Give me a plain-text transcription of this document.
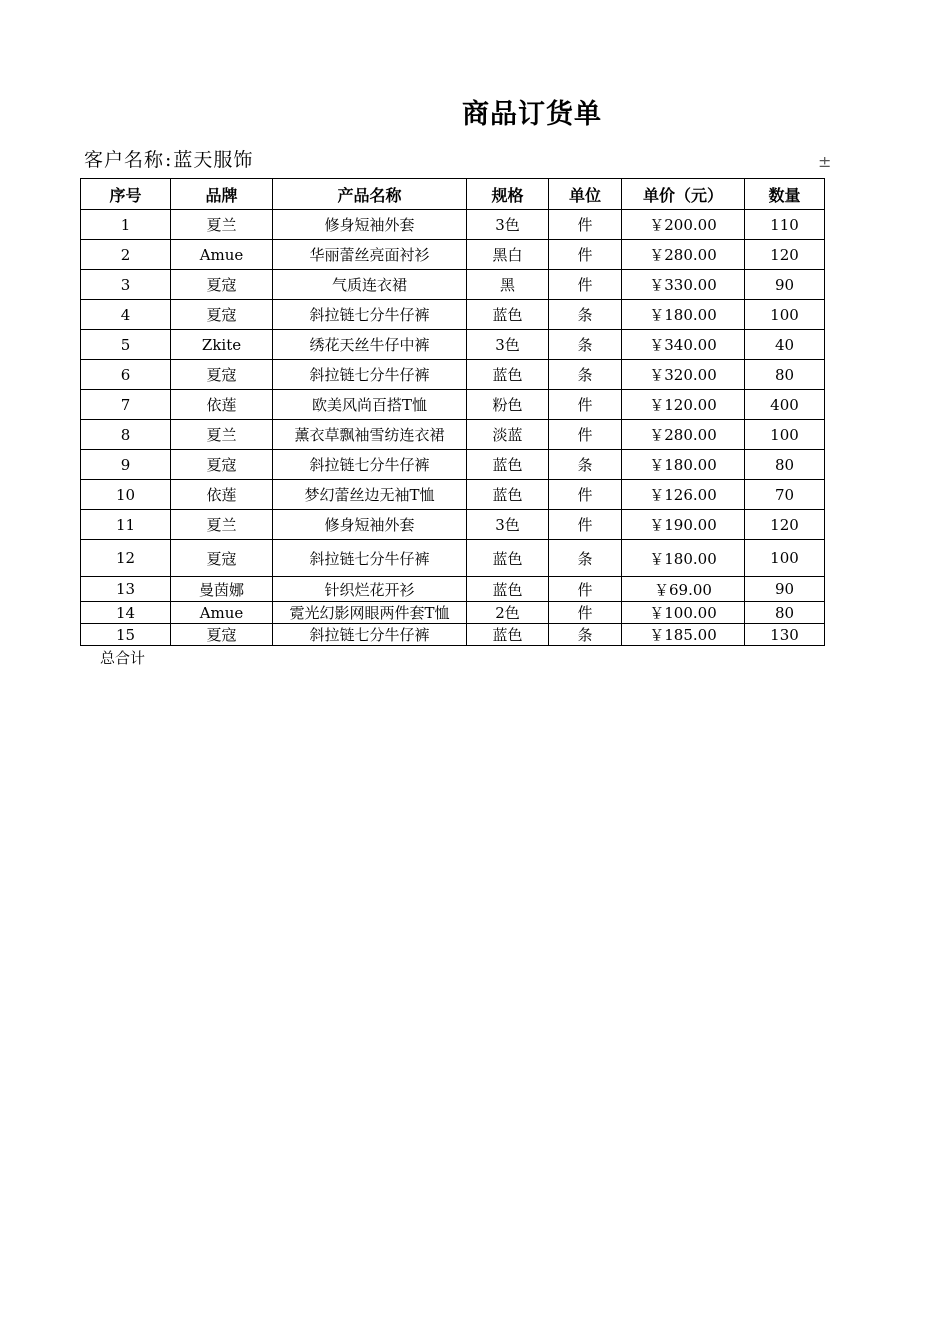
商品订货单
客户名称:蓝天服饰	±
序号	品牌	产品名称	规格	单位	单价（元）	数量
1	夏兰	修身短袖外套	3色	件	￥200.00	110
2	Amue	华丽蕾丝亮面衬衫	黑白	件	￥280.00	120
3	夏寇	气质连衣裙	黑	件	￥330.00	90
4	夏寇	斜拉链七分牛仔裤	蓝色	条	￥180.00	100
5	Zkite	绣花天丝牛仔中裤	3色	条	￥340.00	40
6	夏寇	斜拉链七分牛仔裤	蓝色	条	￥320.00	80
7	依莲	欧美风尚百搭T恤	粉色	件	￥120.00	400
8	夏兰	薰衣草飘袖雪纺连衣裙	淡蓝	件	￥280.00	100
9	夏寇	斜拉链七分牛仔裤	蓝色	条	￥180.00	80
10	依莲	梦幻蕾丝边无袖T恤	蓝色	件	￥126.00	70
11	夏兰	修身短袖外套	3色	件	￥190.00	120
12	夏寇	斜拉链七分牛仔裤	蓝色	条	￥180.00	100
13	曼茵娜	针织烂花开衫	蓝色	件	￥69.00	90
14	Amue	霓光幻影网眼两件套T恤	2色	件	￥100.00	80
15	夏寇	斜拉链七分牛仔裤	蓝色	条	￥185.00	130
总合计
